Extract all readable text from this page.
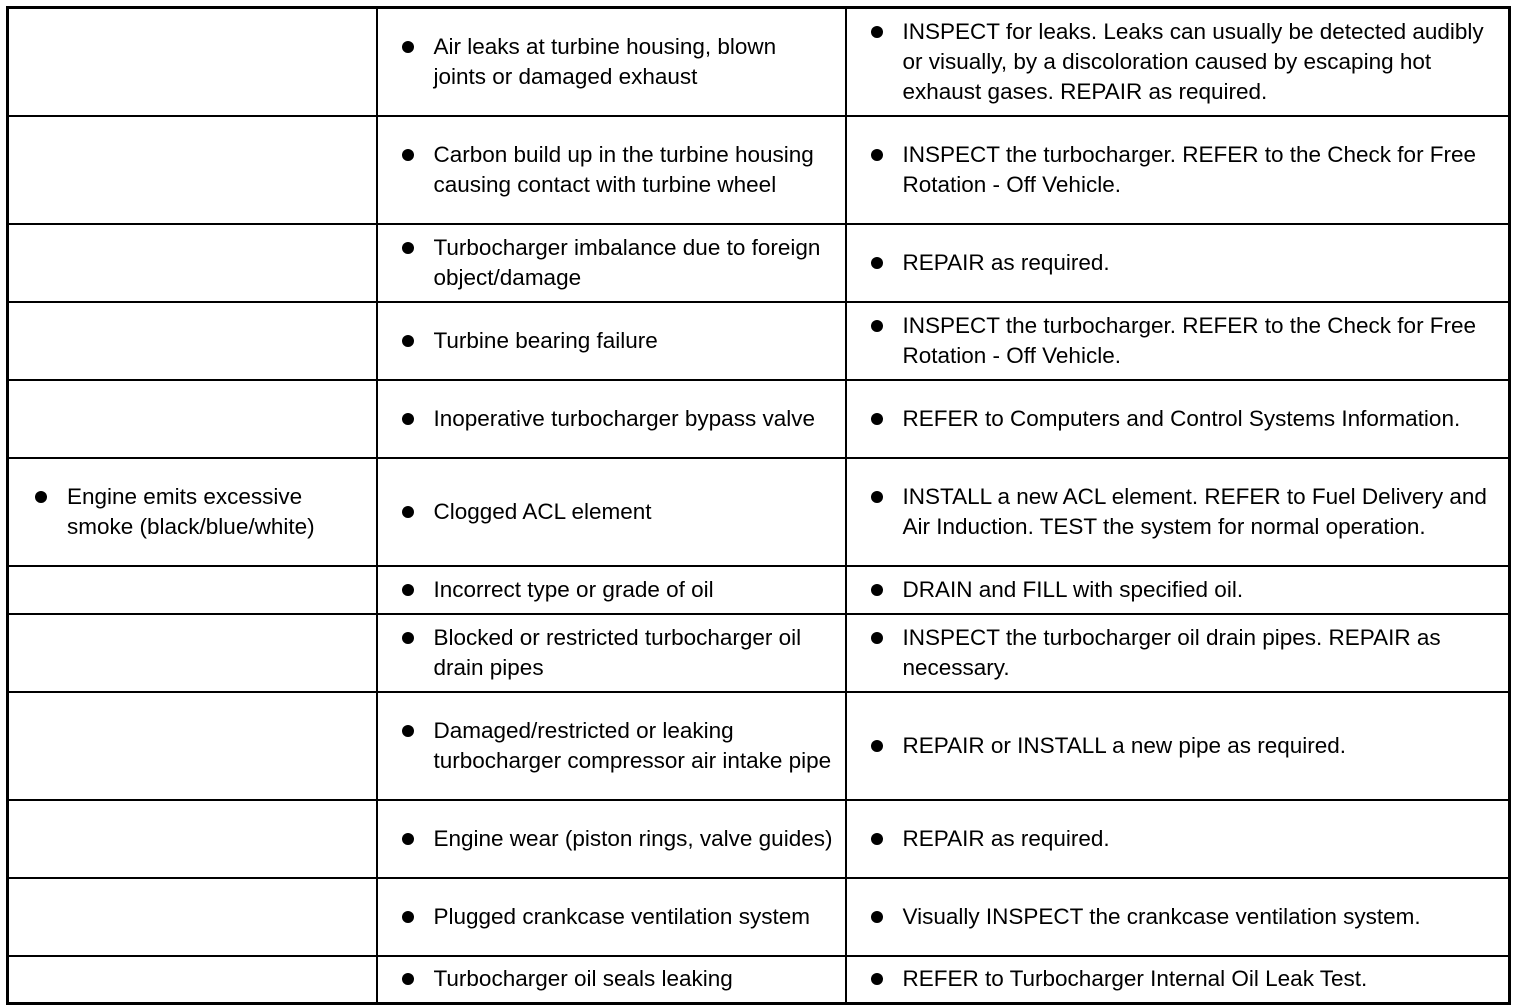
	Air leaks at turbine housing, blown joints or damaged exhaust	INSPECT for leaks. Leaks can usually be detected audibly or visually, by a discoloration caused by escaping hot exhaust gases. REPAIR as required.

	Carbon build up in the turbine housing causing contact with turbine wheel	INSPECT the turbocharger. REFER to the Check for Free Rotation - Off Vehicle.

	Turbocharger imbalance due to foreign object/damage	REPAIR as required.

	Turbine bearing failure	INSPECT the turbocharger. REFER to the Check for Free Rotation - Off Vehicle.

	Inoperative turbocharger bypass valve	REFER to Computers and Control Systems Information.

Engine emits excessive smoke (black/blue/white)	Clogged ACL element	INSTALL a new ACL element. REFER to Fuel Delivery and Air Induction. TEST the system for normal operation.

	Incorrect type or grade of oil	DRAIN and FILL with specified oil.

	Blocked or restricted turbocharger oil drain pipes	INSPECT the turbocharger oil drain pipes. REPAIR as necessary.

	Damaged/restricted or leaking turbocharger compressor air intake pipe	REPAIR or INSTALL a new pipe as required.

	Engine wear (piston rings, valve guides)	REPAIR as required.

	Plugged crankcase ventilation system	Visually INSPECT the crankcase ventilation system.

	Turbocharger oil seals leaking	REFER to Turbocharger Internal Oil Leak Test.
